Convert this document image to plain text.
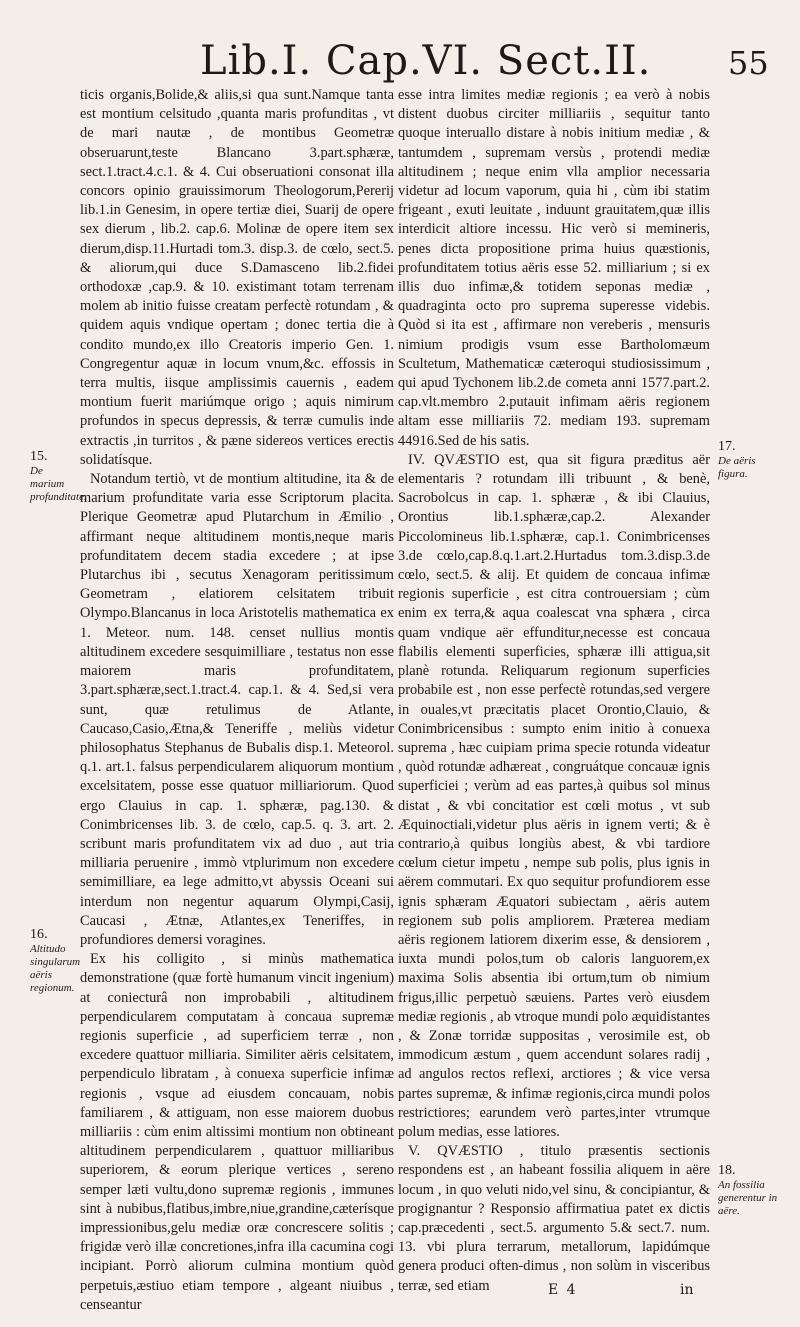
Lib.I. Cap.VI. Sect.II. 55

ticis organis,Bolide,& aliis,si qua sunt.Namque tanta est montium celsitudo ,quanta maris profunditas , vt de mari nautæ , de montibus Geometræ obseruarunt,teste Blancano 3.part.sphæræ, sect.1.tract.4.c.1. & 4. Cui obseruationi consonat illa concors opinio grauissimorum Theologorum,Pererij lib.1.in Genesim, in opere tertiæ diei, Suarij de opere sex dierum , lib.2. cap.6. Molinæ de opere item sex dierum,disp.11.Hurtadi tom.3. disp.3. de cœlo, sect.5. & aliorum,qui duce S.Damasceno lib.2.fidei orthodoxæ ,cap.9. & 10. existimant totam terrenam molem ab initio fuisse creatam perfectè rotundam , & quidem aquis vndique opertam ; donec tertia die à condito mundo,ex illo Creatoris imperio Gen. 1. Congregentur aquæ in locum vnum,&c. effossis in terra multis, iisque amplissimis cauernis , eadem montium fuerit mariúmque origo ; aquis nimirum profundos in specus depressis, & terræ cumulis inde extractis ,in turritos , & pæne sidereos vertices erectis solidatísque.

Notandum tertiò, vt de montium altitudine, ita & de marium profunditate varia esse Scriptorum placita. Plerique Geometræ apud Plutarchum in Æmilio , affirmant neque altitudinem montis,neque maris profunditatem decem stadia excedere ; at ipse Plutarchus ibi , secutus Xenagoram peritissimum Geometram , elatiorem celsitatem tribuit Olympo.Blancanus in loca Aristotelis mathematica ex 1. Meteor. num. 148. censet nullius montis altitudinem excedere sesquimilliare , testatus non esse maiorem maris profunditatem, 3.part.sphæræ,sect.1.tract.4. cap.1. & 4. Sed,si vera sunt, quæ retulimus de Atlante, Caucaso,Casio,Ætna,& Teneriffe , meliùs videtur philosophatus Stephanus de Bubalis disp.1. Meteorol. q.1. art.1. falsus perpendicularem aliquorum montium excelsitatem, posse esse quatuor milliariorum. Quod ergo Clauius in cap. 1. sphæræ, pag.130. & Conimbricenses lib. 3. de cœlo, cap.5. q. 3. art. 2. scribunt maris profunditatem vix ad duo , aut tria milliaria peruenire , immò vtplurimum non excedere semimilliare, ea lege admitto,vt abyssis Oceani sui interdum non negentur aquarum Olympi,Casij, Caucasi , Ætnæ, Atlantes,ex Teneriffes, in profundiores demersi voragines.

Ex his colligito , si minùs mathematica demonstratione (quæ fortè humanum vincit ingenium) at coniecturâ non improbabili , altitudinem perpendicularem computatam à concaua supremæ regionis superficie , ad superficiem terræ , non excedere quattuor milliaria. Similiter aëris celsitatem, perpendiculo libratam , à conuexa superficie infimæ regionis , vsque ad eiusdem concauam, nobis familiarem , & attiguam, non esse maiorem duobus milliariis : cùm enim altissimi montium non obtineant altitudinem perpendicularem , quattuor milliaribus superiorem, & eorum plerique vertices , sereno semper læti vultu,dono supremæ regionis , immunes sint à nubibus,flatibus,imbre,niue,grandine,cæterísque impressionibus,gelu mediæ oræ concrescere solitis ; frigidæ verò illæ concretiones,infra illa cacumina cogi incipiant. Porrò aliorum culmina montium quòd perpetuis,æstiuo etiam tempore , algeant niuibus , censeantur

esse intra limites mediæ regionis ; ea verò à nobis distent duobus circiter milliariis , sequitur tanto quoque interuallo distare à nobis initium mediæ , & tantumdem , supremam versùs , protendi mediæ altitudinem ; neque enim vlla amplior necessaria videtur ad locum vaporum, quia hi , cùm ibi statim frigeant , exuti leuitate , induunt grauitatem,quæ illis interdicit altiore incessu. Hic verò si memineris, penes dicta propositione prima huius quæstionis, profunditatem totius aëris esse 52. milliarium ; si ex illis duo infimæ,& totidem seponas mediæ , quadraginta octo pro suprema superesse videbis. Quòd si ita est , affirmare non vereberis , mensuris nimium prodigis vsum esse Bartholomæum Scultetum, Mathematicæ cæteroqui studiosissimum , qui apud Tychonem lib.2.de cometa anni 1577.part.2. cap.vlt.membro 2.putauit infimam aëris regionem altam esse milliariis 72. mediam 193. supremam 44916.Sed de his satis.

IV. QVÆSTIO est, qua sit figura præditus aër elementaris ? rotundam illi tribuunt , & benè, Sacrobolcus in cap. 1. sphæræ , & ibi Clauius, Orontius lib.1.sphæræ,cap.2. Alexander Piccolomineus lib.1.sphæræ, cap.1. Conimbricenses 3.de cœlo,cap.8.q.1.art.2.Hurtadus tom.3.disp.3.de cœlo, sect.5. & alij. Et quidem de concaua infimæ regionis superficie , est citra controuersiam ; cùm enim ex terra,& aqua coalescat vna sphæra , circa quam vndique aër effunditur,necesse est concaua flabilis elementi superficies, sphæræ illi attigua,sit planè rotunda. Reliquarum regionum superficies probabile est , non esse perfectè rotundas,sed vergere in ouales,vt præcitatis placet Orontio,Clauio, & Conimbricensibus : sumpto enim initio à conuexa suprema , hæc cuipiam prima specie rotunda videatur , quòd rotundæ adhæreat , congruátque concauæ ignis superficiei ; verùm ad eas partes,à quibus sol minus distat , & vbi concitatior est cœli motus , vt sub Æquinoctiali,videtur plus aëris in ignem verti; & è contrario,à quibus longiùs abest, & vbi tardiore cœlum cietur impetu , nempe sub polis, plus ignis in aërem commutari. Ex quo sequitur profundiorem esse ignis sphæram Æquatori subiectam , aëris autem regionem sub polis ampliorem. Præterea mediam aëris regionem latiorem dixerim esse, & densiorem , iuxta mundi polos,tum ob caloris languorem,ex maxima Solis absentia ibi ortum,tum ob nimium frigus,illic perpetuò sæuiens. Partes verò eiusdem mediæ regionis , ab vtroque mundi polo æquidistantes , & Zonæ torridæ suppositas , verosimile est, ob immodicum æstum , quem accendunt solares radij , ad angulos rectos reflexi, arctiores ; & vice versa partes supremæ, & infimæ regionis,circa mundi polos restrictiores; earundem verò partes,inter vtrumque polum medias, esse latiores.

V. QVÆSTIO , titulo præsentis sectionis respondens est , an habeant fossilia aliquem in aëre locum , in quo veluti nido,vel sinu, & concipiantur, & progignantur ? Responsio affirmatiua patet ex dictis cap.præcedenti , sect.5. argumento 5.& sect.7. num. 13. vbi plura terrarum, metallorum, lapidúmque genera produci often-dimus , non solùm in visceribus terræ, sed etiam

15.
De marium profunditate.
16.
Altitudo singularum aëris regionum.
17.
De aëris figura.
18.
An fossilia generentur in aëre.
E 4	in
